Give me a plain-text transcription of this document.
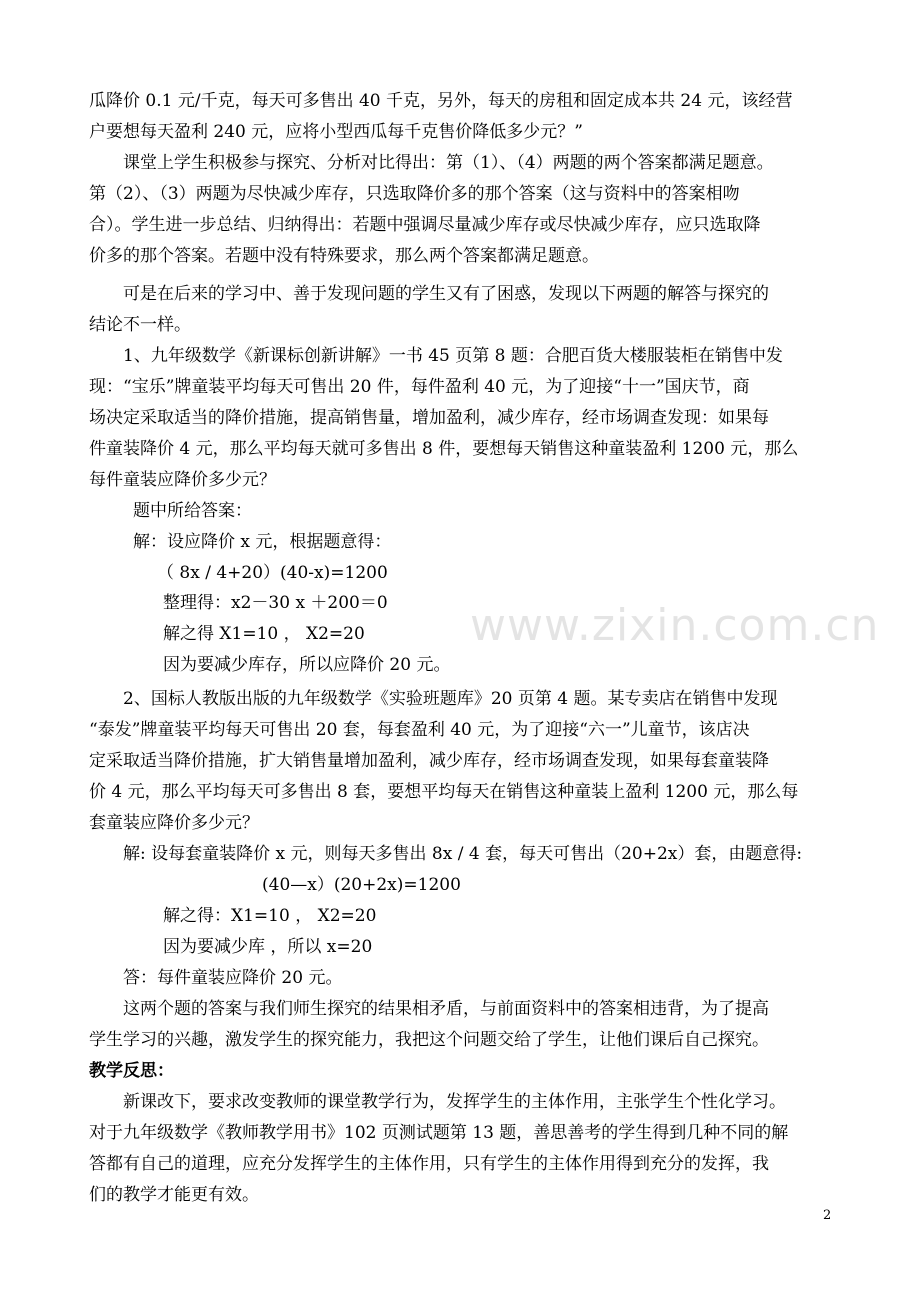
www.zixin.com.cn
瓜降价 0.1 元/千克，每天可多售出 40 千克，另外，每天的房租和固定成本共 24 元，该经营
户要想每天盈利 240 元，应将小型西瓜每千克售价降低多少元？”
课堂上学生积极参与探究、分析对比得出：第（1）、（4）两题的两个答案都满足题意。
第（2）、（3）两题为尽快减少库存，只选取降价多的那个答案（这与资料中的答案相吻
合）。学生进一步总结、归纳得出：若题中强调尽量减少库存或尽快减少库存，应只选取降
价多的那个答案。若题中没有特殊要求，那么两个答案都满足题意。
可是在后来的学习中、善于发现问题的学生又有了困惑，发现以下两题的解答与探究的
结论不一样。
1、九年级数学《新课标创新讲解》一书 45 页第 8 题：合肥百货大楼服装柜在销售中发
现：“宝乐”牌童装平均每天可售出 20 件，每件盈利 40 元，为了迎接“十一”国庆节，商
场决定采取适当的降价措施，提高销售量，增加盈利，减少库存，经市场调查发现：如果每
件童装降价 4 元，那么平均每天就可多售出 8 件，要想每天销售这种童装盈利 1200 元，那么
每件童装应降价多少元？
题中所给答案：
解：设应降价 x 元，根据题意得：
（ 8x / 4+20）(40-x)=1200
整理得：x2－30 x ＋200＝0
解之得 X1=10 ， X2=20
因为要减少库存，所以应降价 20 元。
2、国标人教版出版的九年级数学《实验班题库》20 页第 4 题。某专卖店在销售中发现
“泰发”牌童装平均每天可售出 20 套，每套盈利 40 元，为了迎接“六一”儿童节，该店决
定采取适当降价措施，扩大销售量增加盈利，减少库存，经市场调查发现，如果每套童装降
价 4 元，那么平均每天可多售出 8 套，要想平均每天在销售这种童装上盈利 1200 元，那么每
套童装应降价多少元？
解: 设每套童装降价 x 元，则每天多售出 8x / 4 套，每天可售出（20+2x）套，由题意得:
(40—x）(20+2x)=1200
解之得：X1=10 ， X2=20
因为要减少库 ，所以 x=20
答：每件童装应降价 20 元。
这两个题的答案与我们师生探究的结果相矛盾，与前面资料中的答案相违背，为了提高
学生学习的兴趣，激发学生的探究能力，我把这个问题交给了学生，让他们课后自己探究。
教学反思：
新课改下，要求改变教师的课堂教学行为，发挥学生的主体作用，主张学生个性化学习。
对于九年级数学《教师教学用书》102 页测试题第 13 题，善思善考的学生得到几种不同的解
答都有自己的道理，应充分发挥学生的主体作用，只有学生的主体作用得到充分的发挥，我
们的教学才能更有效。
2
